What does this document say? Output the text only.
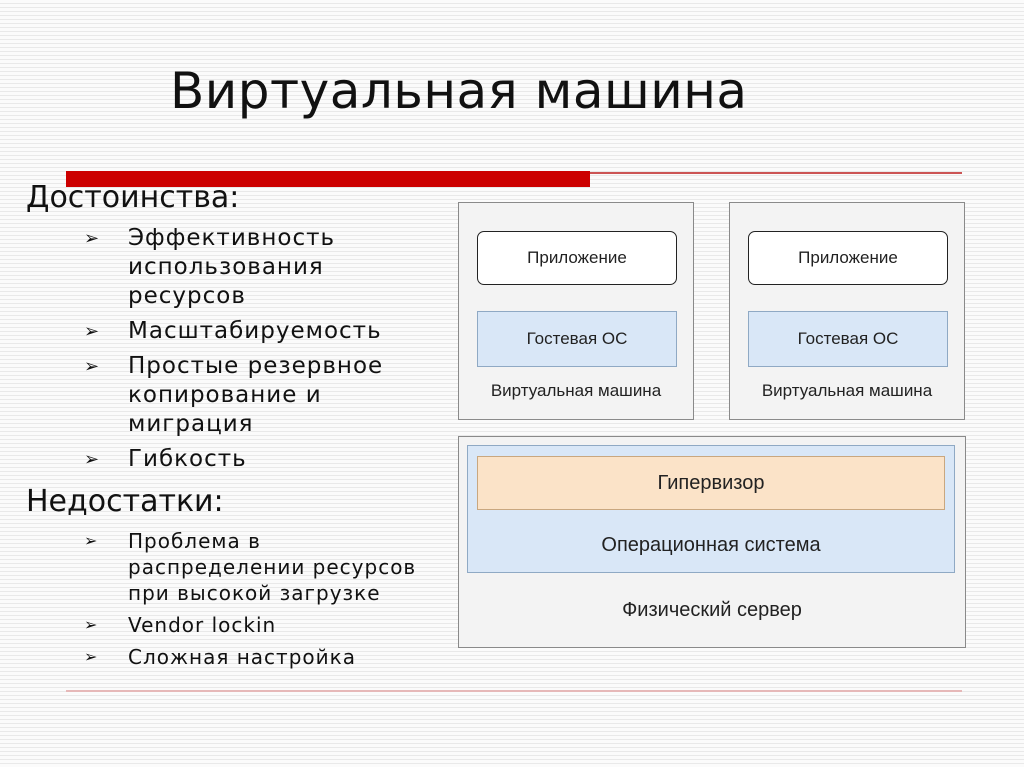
Виртуальная машина
Достоинства:
➢ Эффективность использования ресурсов
➢ Масштабируемость
➢ Простые резервное копирование и миграция
➢ Гибкость
Недостатки:
➢ Проблема в распределении ресурсов при высокой загрузке
➢ Vendor lockin
➢ Сложная настройка
Приложение
Гостевая ОС
Виртуальная машина
Приложение
Гостевая ОС
Виртуальная машина
Гипервизор
Операционная система
Физический сервер
